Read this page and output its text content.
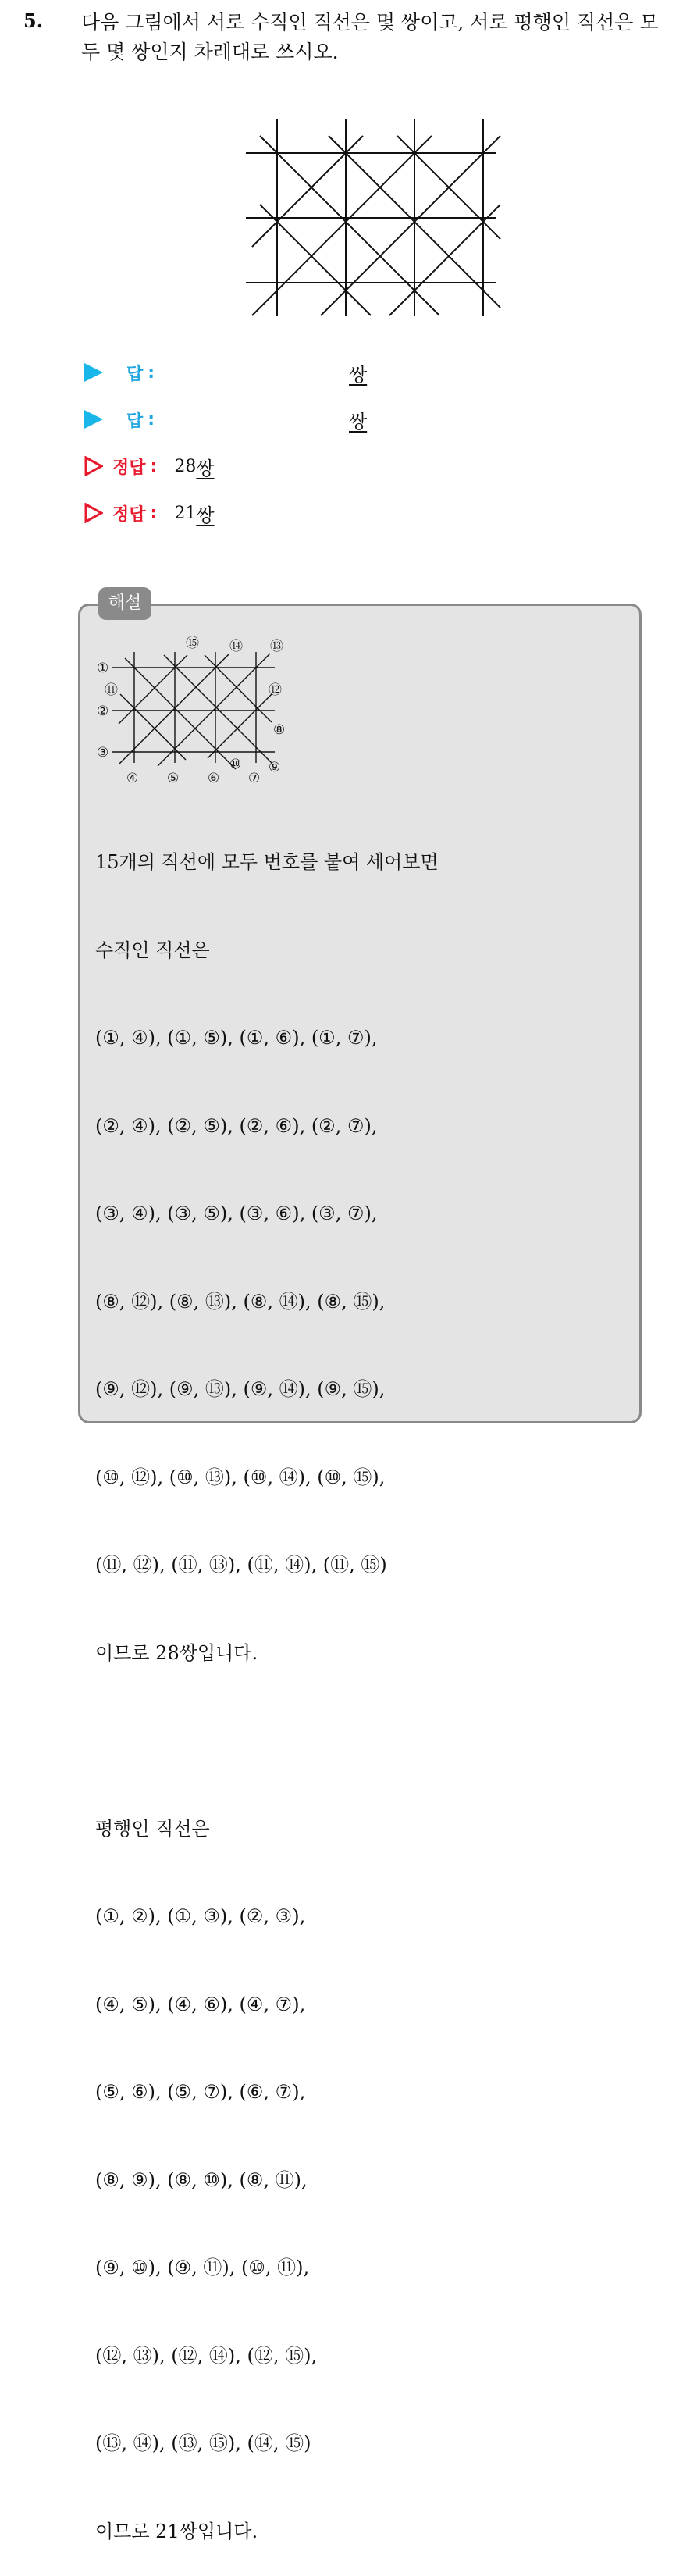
5. 다음 그림에서 서로 수직인 직선은 몇 쌍이고, 서로 평행인 직선은 모두 몇 쌍인지 차례대로 쓰시오.
답 :	쌍
답 :	쌍
정답 : 28 쌍
정답 : 21 쌍
해설
①
②
③
④ ⑤ ⑥ ⑦
⑧
⑨
⑩
⑪	⑫
⑬
⑭
⑮

15개의 직선에 모두 번호를 붙여 세어보면

수직인 직선은

(①, ④), (①, ⑤), (①, ⑥), (①, ⑦),

(②, ④), (②, ⑤), (②, ⑥), (②, ⑦),

(③, ④), (③, ⑤), (③, ⑥), (③, ⑦),

(⑧, ⑫), (⑧, ⑬), (⑧, ⑭), (⑧, ⑮),

(⑨, ⑫), (⑨, ⑬), (⑨, ⑭), (⑨, ⑮),

(⑩, ⑫), (⑩, ⑬), (⑩, ⑭), (⑩, ⑮),

(⑪, ⑫), (⑪, ⑬), (⑪, ⑭), (⑪, ⑮)

이므로 28쌍입니다.

평행인 직선은

(①, ②), (①, ③), (②, ③),

(④, ⑤), (④, ⑥), (④, ⑦),

(⑤, ⑥), (⑤, ⑦), (⑥, ⑦),

(⑧, ⑨), (⑧, ⑩), (⑧, ⑪),

(⑨, ⑩), (⑨, ⑪), (⑩, ⑪),

(⑫, ⑬), (⑫, ⑭), (⑫, ⑮),

(⑬, ⑭), (⑬, ⑮), (⑭, ⑮)

이므로 21쌍입니다.
